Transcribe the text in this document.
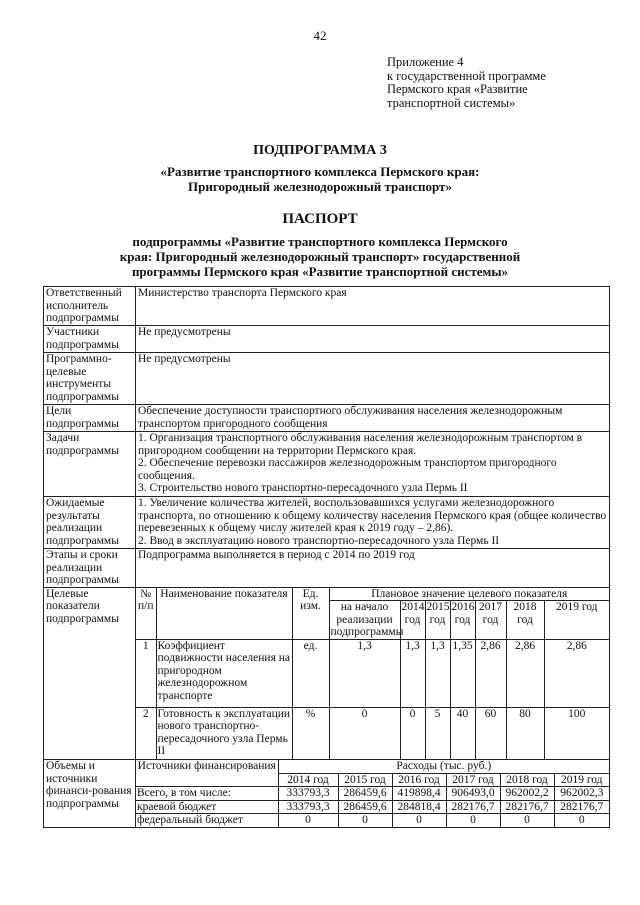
42
Приложение 4
к государственной программе
Пермского края «Развитие
транспортной системы»
ПОДПРОГРАММА 3
«Развитие транспортного комплекса Пермского края:
Пригородный железнодорожный транспорт»
ПАСПОРТ
подпрограммы «Развитие транспортного комплекса Пермского
края: Пригородный железнодорожный транспорт» государственной
программы Пермского края «Развитие транспортной системы»
Ответственный исполнитель подпрограммы	Министерство транспорта Пермского края
Участники подпрограммы	Не предусмотрены
Программно-целевые инструменты подпрограммы	Не предусмотрены
Цели подпрограммы	Обеспечение доступности транспортного обслуживания населения железнодорожным транспортом пригородного сообщения
Задачи подпрограммы	
1. Организация транспортного обслуживания населения железнодорожным транспортом в пригородном сообщении на территории Пермского края.
2. Обеспечение перевозки пассажиров железнодорожным транспортом пригородного сообщения.
3. Строительство нового транспортно-пересадочного узла Пермь II

Ожидаемые результаты реализации подпрограммы	
1. Увеличение количества жителей, воспользовавшихся услугами железнодорожного транспорта, по отношению к общему количеству населения Пермского края (общее количество перевезенных к общему числу жителей края к 2019 году – 2,86).
2. Ввод в эксплуатацию нового транспортно-пересадочного узла Пермь II

Этапы и сроки реализации подпрограммы	Подпрограмма выполняется в период с 2014 по 2019 год
Целевые показатели подпрограммы	
№ п/п	Наименование показателя	Ед. изм.	Плановое значение целевого показателя
на начало реализации подпрограммы	2014 год	2015 год	2016 год	2017 год	2018 год	2019 год
1	Коэффициент подвижности населения на пригородном железнодорожном транспорте	ед.	1,3	1,3	1,3	1,35	2,86	2,86	2,86
2	Готовность к эксплуатации нового транспортно-пересадочного узла Пермь II	%	0	0	5	40	60	80	100

Объемы и источники финанси-рования подпрограммы	
Источники финансирования	Расходы (тыс. руб.)
2014 год	2015 год	2016 год	2017 год	2018 год	2019 год
Всего, в том числе:	333793,3	286459,6	419898,4	906493,0	962002,2	962002,3
краевой бюджет	333793,3	286459,6	284818,4	282176,7	282176,7	282176,7
федеральный бюджет	0	0	0	0	0	0
